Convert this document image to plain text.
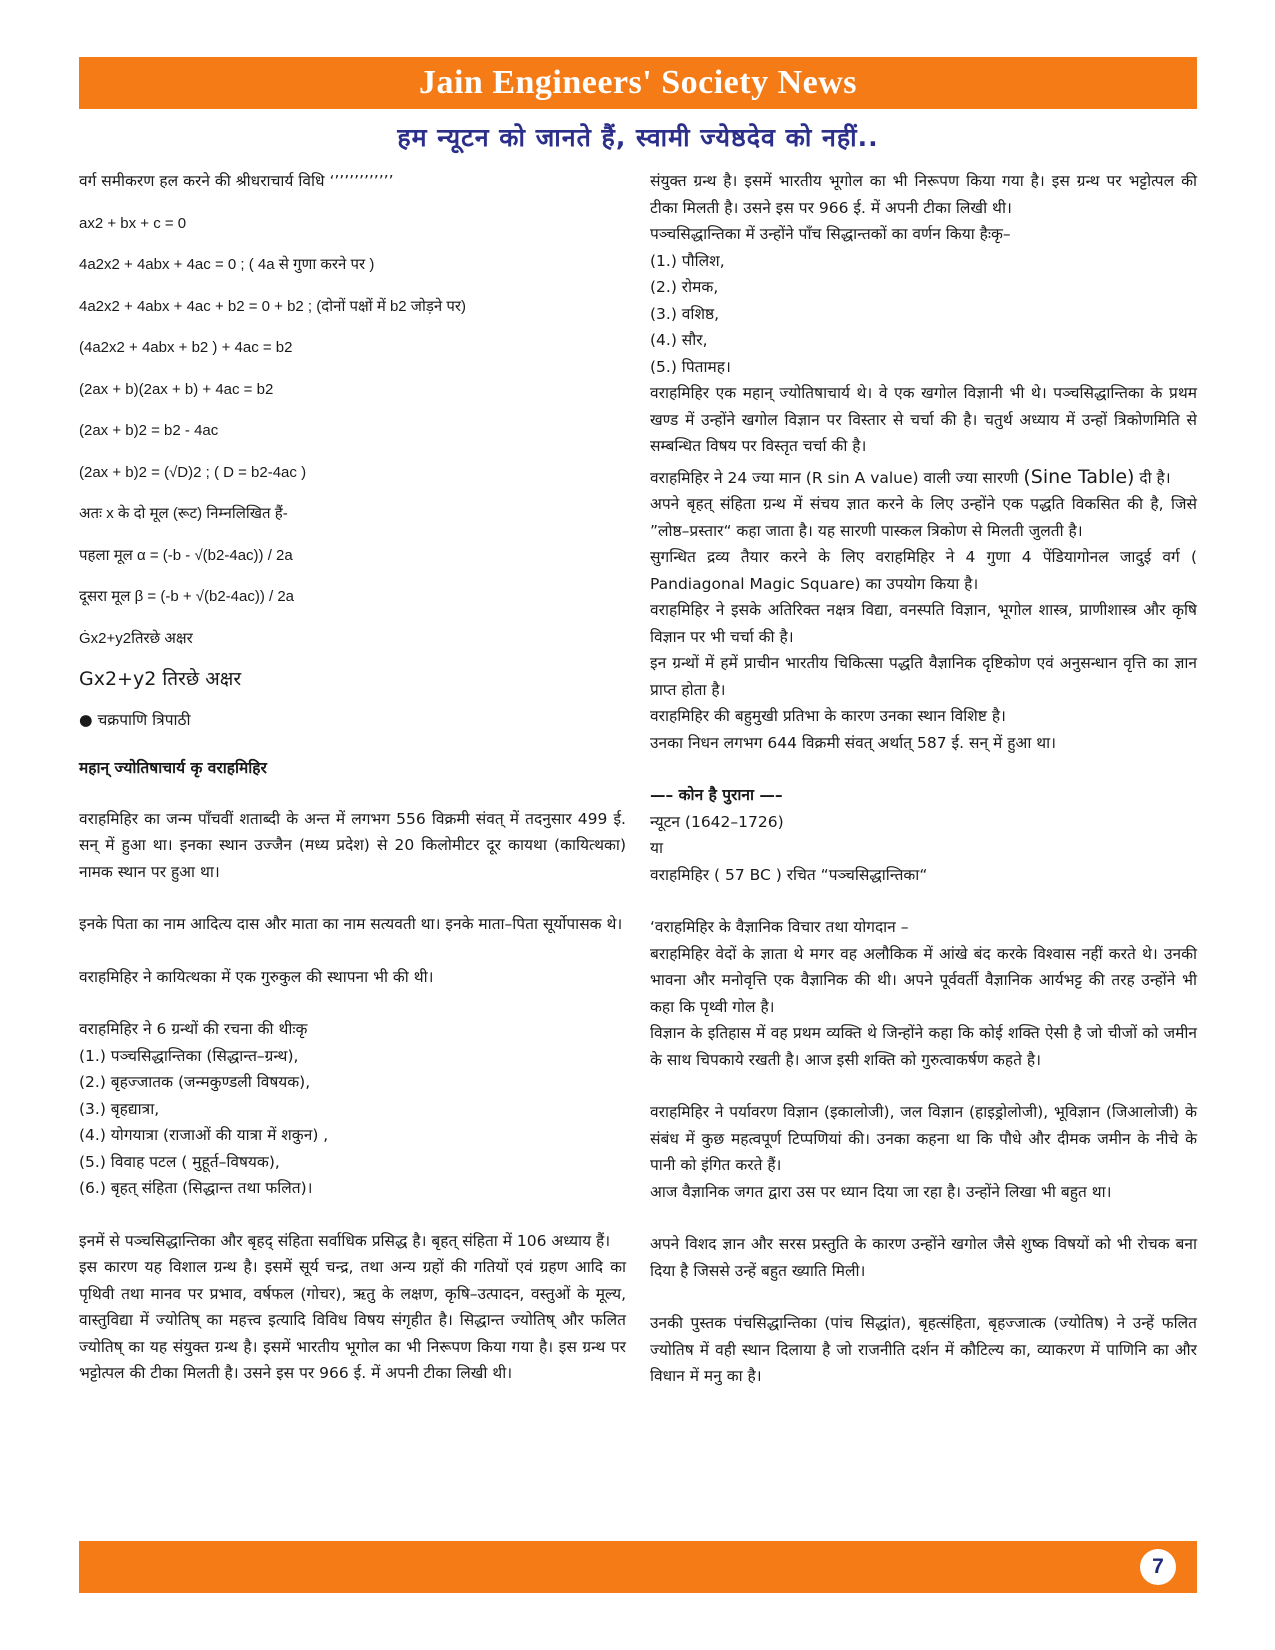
Jain Engineers' Society News
हम न्यूटन को जानते हैं, स्वामी ज्येष्ठदेव को नहीं..

वर्ग समीकरण हल करने की श्रीधराचार्य विधि ‘’’’’’’’’’’’’

ax2 + bx + c = 0

4a2x2 + 4abx + 4ac = 0 ; ( 4a से गुणा करने पर )

4a2x2 + 4abx + 4ac + b2 = 0 + b2 ; (दोनों पक्षों में b2 जोड़ने पर)

(4a2x2 + 4abx + b2 ) + 4ac = b2

(2ax + b)(2ax + b) + 4ac = b2

(2ax + b)2 = b2 - 4ac

(2ax + b)2 = (√D)2 ; ( D = b2-4ac )

अतः x के दो मूल (रूट) निम्नलिखित हैं-

पहला मूल α = (-b - √(b2-4ac)) / 2a

दूसरा मूल β = (-b + √(b2-4ac)) / 2a

Ġx2+y2तिरछे अक्षर

Gx2+y2 तिरछे अक्षर

● चक्रपाणि त्रिपाठी

महान् ज्योतिषाचार्य कृ वराहमिहिर

वराहमिहिर का जन्म पाँचवीं शताब्दी के अन्त में लगभग 556 विक्रमी संवत् में तदनुसार 499 ई. सन् में हुआ था। इनका स्थान उज्जैन (मध्य प्रदेश) से 20 किलोमीटर दूर कायथा (कायित्थका) नामक स्थान पर हुआ था।

इनके पिता का नाम आदित्य दास और माता का नाम सत्यवती था। इनके माता–पिता सूर्योपासक थे।

वराहमिहिर ने कायित्थका में एक गुरुकुल की स्थापना भी की थी।

वराहमिहिर ने 6 ग्रन्थों की रचना की थीःकृ

(1.) पञ्चसिद्धान्तिका (सिद्धान्त–ग्रन्थ),

(2.) बृहज्जातक (जन्मकुण्डली विषयक),

(3.) बृहद्यात्रा,

(4.) योगयात्रा (राजाओं की यात्रा में शकुन) ,

(5.) विवाह पटल ( मुहूर्त–विषयक),

(6.) बृहत् संहिता (सिद्धान्त तथा फलित)।

इनमें से पञ्चसिद्धान्तिका और बृहद् संहिता सर्वाधिक प्रसिद्ध है। बृहत् संहिता में 106 अध्याय हैं।

इस कारण यह विशाल ग्रन्थ है। इसमें सूर्य चन्द्र, तथा अन्य ग्रहों की गतियों एवं ग्रहण आदि का पृथिवी तथा मानव पर प्रभाव, वर्षफल (गोचर), ऋतु के लक्षण, कृषि–उत्पादन, वस्तुओं के मूल्य, वास्तुविद्या में ज्योतिष् का महत्त्व इत्यादि विविध विषय संगृहीत है। सिद्धान्त ज्योतिष् और फलित ज्योतिष् का यह संयुक्त ग्रन्थ है। इसमें भारतीय भूगोल का भी निरूपण किया गया है। इस ग्रन्थ पर भट्टोत्पल की टीका मिलती है। उसने इस पर 966 ई. में अपनी टीका लिखी थी।

संयुक्त ग्रन्थ है। इसमें भारतीय भूगोल का भी निरूपण किया गया है। इस ग्रन्थ पर भट्टोत्पल की टीका मिलती है। उसने इस पर 966 ई. में अपनी टीका लिखी थी।

पञ्चसिद्धान्तिका में उन्होंने पाँच सिद्धान्तकों का वर्णन किया हैःकृ–

(1.) पौलिश,

(2.) रोमक,

(3.) वशिष्ठ,

(4.) सौर,

(5.) पितामह।

वराहमिहिर एक महान् ज्योतिषाचार्य थे। वे एक खगोल विज्ञानी भी थे। पञ्चसिद्धान्तिका के प्रथम खण्ड में उन्होंने खगोल विज्ञान पर विस्तार से चर्चा की है। चतुर्थ अध्याय में उन्हों त्रिकोणमिति से सम्बन्धित विषय पर विस्तृत चर्चा की है।

वराहमिहिर ने 24 ज्या मान (R sin A value) वाली ज्या सारणी (Sine Table) दी है।

अपने बृहत् संहिता ग्रन्थ में संचय ज्ञात करने के लिए उन्होंने एक पद्धति विकसित की है, जिसे ”लोष्ठ–प्रस्तार“ कहा जाता है। यह सारणी पास्कल त्रिकोण से मिलती जुलती है।

सुगन्धित द्रव्य तैयार करने के लिए वराहमिहिर ने 4 गुणा 4 पेंडियागोनल जादुई वर्ग ( Pandiagonal Magic Square) का उपयोग किया है।

वराहमिहिर ने इसके अतिरिक्त नक्षत्र विद्या, वनस्पति विज्ञान, भूगोल शास्त्र, प्राणीशास्त्र और कृषि विज्ञान पर भी चर्चा की है।

इन ग्रन्थों में हमें प्राचीन भारतीय चिकित्सा पद्धति वैज्ञानिक दृष्टिकोण एवं अनुसन्धान वृत्ति का ज्ञान प्राप्त होता है।

वराहमिहिर की बहुमुखी प्रतिभा के कारण उनका स्थान विशिष्ट है।

उनका निधन लगभग 644 विक्रमी संवत् अर्थात् 587 ई. सन् में हुआ था।

—– कोन है पुराना —–

न्यूटन (1642–1726)

या

वराहमिहिर ( 57 BC ) रचित “पञ्चसिद्धान्तिका“

‘वराहमिहिर के वैज्ञानिक विचार तथा योगदान –

बराहमिहिर वेदों के ज्ञाता थे मगर वह अलौकिक में आंखे बंद करके विश्वास नहीं करते थे। उनकी भावना और मनोवृत्ति एक वैज्ञानिक की थी। अपने पूर्ववर्ती वैज्ञानिक आर्यभट्ट की तरह उन्होंने भी कहा कि पृथ्वी गोल है।

विज्ञान के इतिहास में वह प्रथम व्यक्ति थे जिन्होंने कहा कि कोई शक्ति ऐसी है जो चीजों को जमीन के साथ चिपकाये रखती है। आज इसी शक्ति को गुरुत्वाकर्षण कहते है।

वराहमिहिर ने पर्यावरण विज्ञान (इकालोजी), जल विज्ञान (हाइड्रोलोजी), भूविज्ञान (जिआलोजी) के संबंध में कुछ महत्वपूर्ण टिप्पणियां की। उनका कहना था कि पौधे और दीमक जमीन के नीचे के पानी को इंगित करते हैं।

आज वैज्ञानिक जगत द्वारा उस पर ध्यान दिया जा रहा है। उन्होंने लिखा भी बहुत था।

अपने विशद ज्ञान और सरस प्रस्तुति के कारण उन्होंने खगोल जैसे शुष्क विषयों को भी रोचक बना दिया है जिससे उन्हें बहुत ख्याति मिली।

उनकी पुस्तक पंचसिद्धान्तिका (पांच सिद्धांत), बृहत्संहिता, बृहज्जात्क (ज्योतिष) ने उन्हें फलित ज्योतिष में वही स्थान दिलाया है जो राजनीति दर्शन में कौटिल्य का, व्याकरण में पाणिनि का और विधान में मनु का है।

7
